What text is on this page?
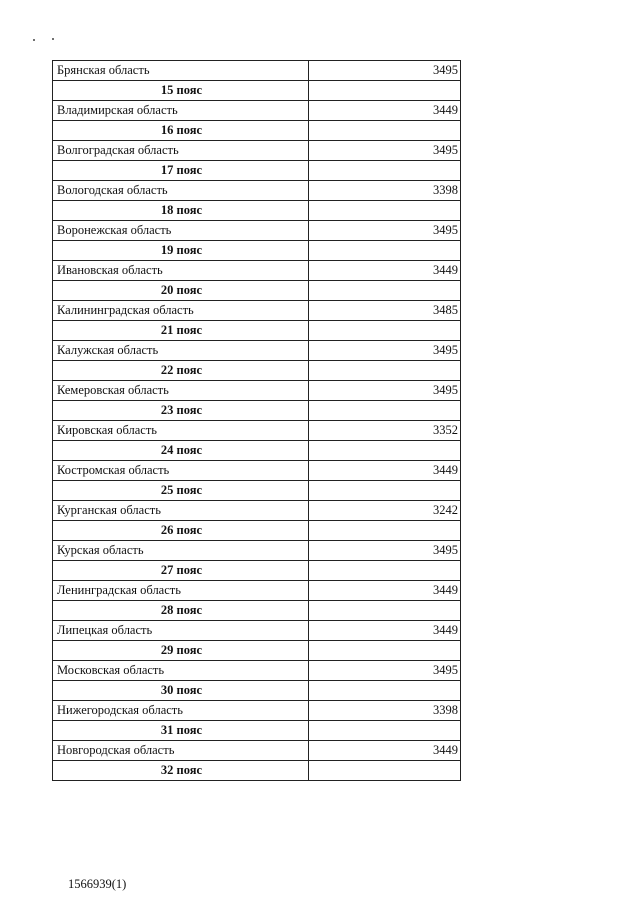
Брянская область	3495
15 пояс	
Владимирская область	3449
16 пояс	
Волгоградская область	3495
17 пояс	
Вологодская область	3398
18 пояс	
Воронежская область	3495
19 пояс	
Ивановская область	3449
20 пояс	
Калининградская область	3485
21 пояс	
Калужская область	3495
22 пояс	
Кемеровская область	3495
23 пояс	
Кировская область	3352
24 пояс	
Костромская область	3449
25 пояс	
Курганская область	3242
26 пояс	
Курская область	3495
27 пояс	
Ленинградская область	3449
28 пояс	
Липецкая область	3449
29 пояс	
Московская область	3495
30 пояс	
Нижегородская область	3398
31 пояс	
Новгородская область	3449
32 пояс	
1566939(1)
